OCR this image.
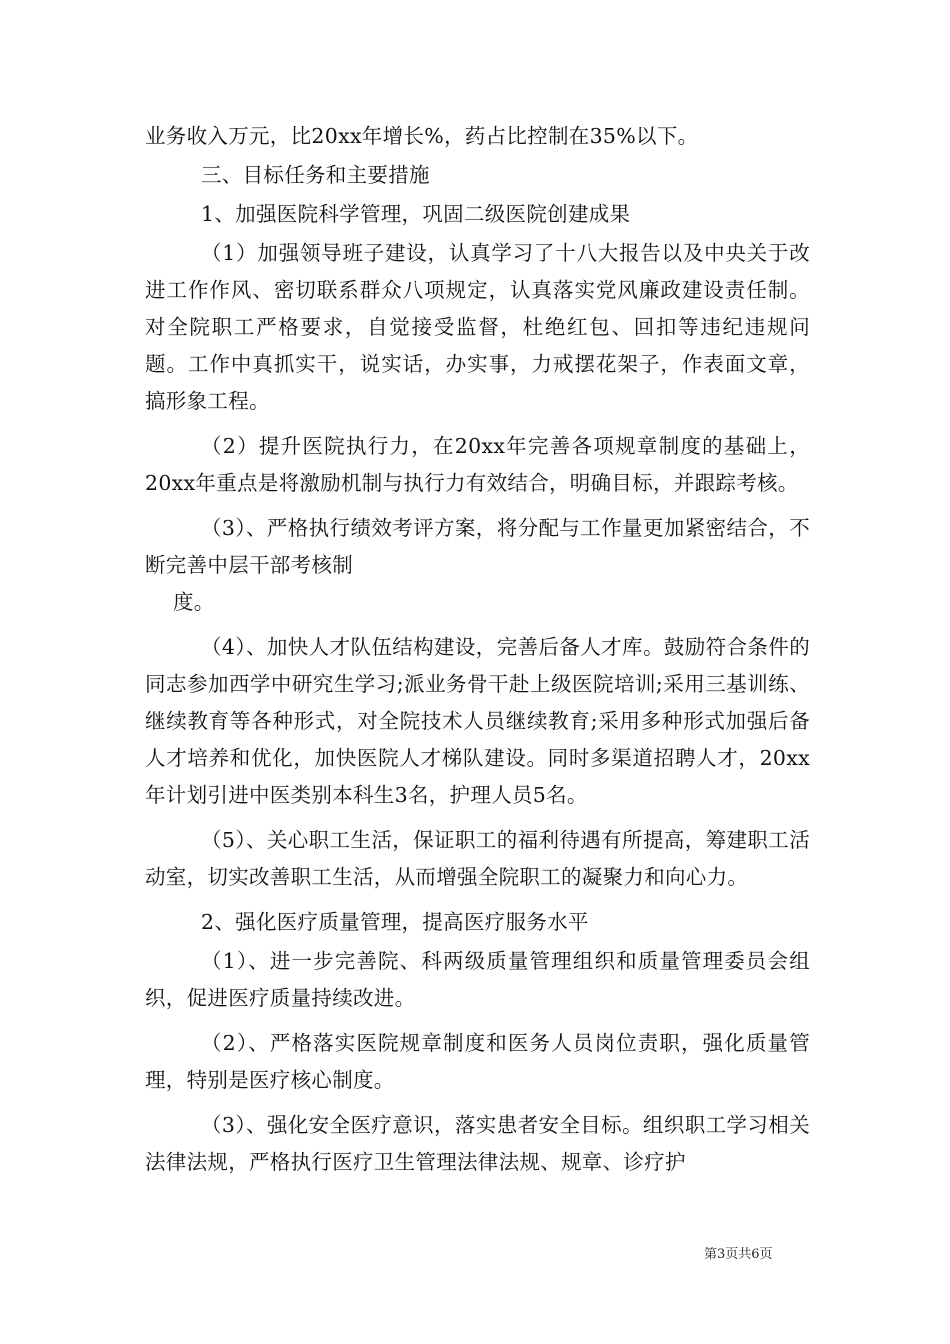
业务收入万元，比20xx年增长%，药占比控制在35%以下。

三、目标任务和主要措施

1、加强医院科学管理，巩固二级医院创建成果

（1）加强领导班子建设，认真学习了十八大报告以及中央关于改进工作作风、密切联系群众八项规定，认真落实党风廉政建设责任制。对全院职工严格要求，自觉接受监督，杜绝红包、回扣等违纪违规问题。工作中真抓实干，说实话，办实事，力戒摆花架子，作表面文章，搞形象工程。

（2）提升医院执行力，在20xx年完善各项规章制度的基础上，20xx年重点是将激励机制与执行力有效结合，明确目标，并跟踪考核。

（3）、严格执行绩效考评方案，将分配与工作量更加紧密结合，不断完善中层干部考核制

度。

（4）、加快人才队伍结构建设，完善后备人才库。鼓励符合条件的同志参加西学中研究生学习;派业务骨干赴上级医院培训;采用三基训练、继续教育等各种形式，对全院技术人员继续教育;采用多种形式加强后备人才培养和优化，加快医院人才梯队建设。同时多渠道招聘人才，20xx年计划引进中医类别本科生3名，护理人员5名。

（5）、关心职工生活，保证职工的福利待遇有所提高，筹建职工活动室，切实改善职工生活，从而增强全院职工的凝聚力和向心力。

2、强化医疗质量管理，提高医疗服务水平

（1）、进一步完善院、科两级质量管理组织和质量管理委员会组织，促进医疗质量持续改进。

（2）、严格落实医院规章制度和医务人员岗位责职，强化质量管理，特别是医疗核心制度。

（3）、强化安全医疗意识，落实患者安全目标。组织职工学习相关法律法规，严格执行医疗卫生管理法律法规、规章、诊疗护

第3页共6页
